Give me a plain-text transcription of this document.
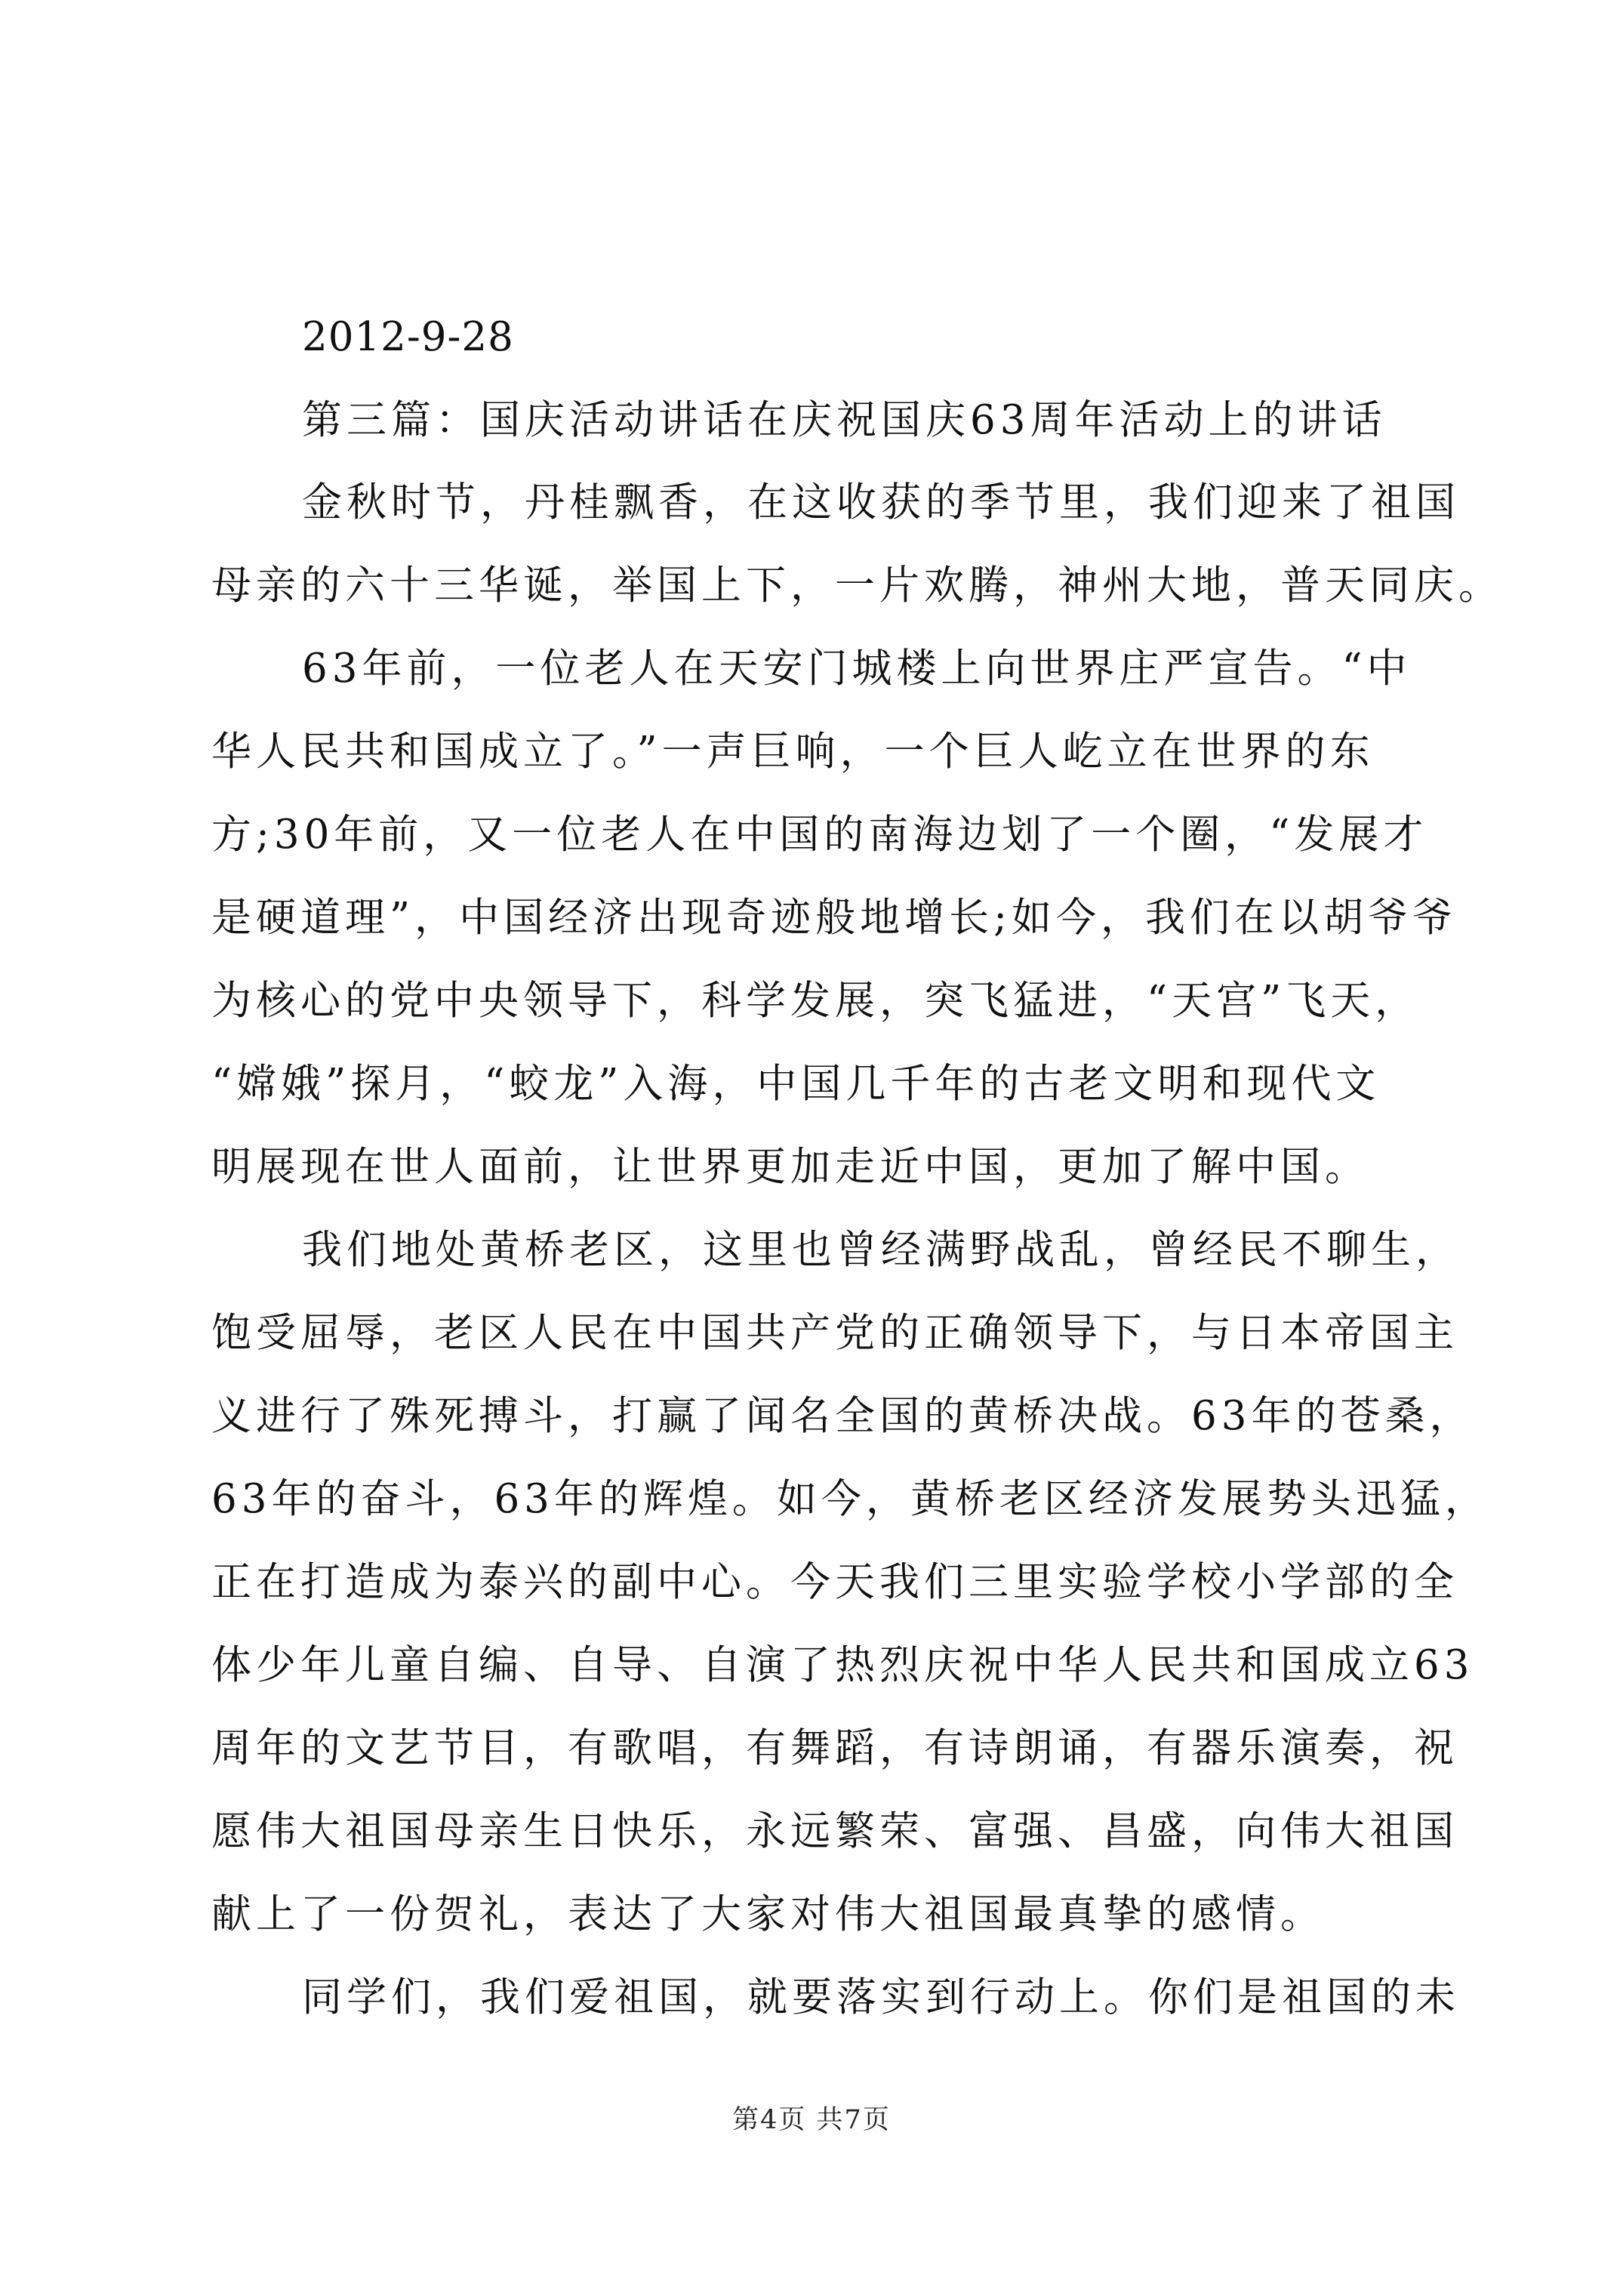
2012-9-28
第三篇：国庆活动讲话在庆祝国庆63周年活动上的讲话
金秋时节，丹桂飘香，在这收获的季节里，我们迎来了祖国
母亲的六十三华诞，举国上下，一片欢腾，神州大地，普天同庆。
63年前，一位老人在天安门城楼上向世界庄严宣告。“中
华人民共和国成立了。”一声巨响，一个巨人屹立在世界的东
方;30年前，又一位老人在中国的南海边划了一个圈，“发展才
是硬道理”，中国经济出现奇迹般地增长;如今，我们在以胡爷爷
为核心的党中央领导下，科学发展，突飞猛进，“天宫”飞天，
“嫦娥”探月，“蛟龙”入海，中国几千年的古老文明和现代文
明展现在世人面前，让世界更加走近中国，更加了解中国。
我们地处黄桥老区，这里也曾经满野战乱，曾经民不聊生，
饱受屈辱，老区人民在中国共产党的正确领导下，与日本帝国主
义进行了殊死搏斗，打赢了闻名全国的黄桥决战。63年的苍桑，
63年的奋斗，63年的辉煌。如今，黄桥老区经济发展势头迅猛，
正在打造成为泰兴的副中心。今天我们三里实验学校小学部的全
体少年儿童自编、自导、自演了热烈庆祝中华人民共和国成立63
周年的文艺节目，有歌唱，有舞蹈，有诗朗诵，有器乐演奏，祝
愿伟大祖国母亲生日快乐，永远繁荣、富强、昌盛，向伟大祖国
献上了一份贺礼，表达了大家对伟大祖国最真挚的感情。
同学们，我们爱祖国，就要落实到行动上。你们是祖国的未
第4页 共7页
